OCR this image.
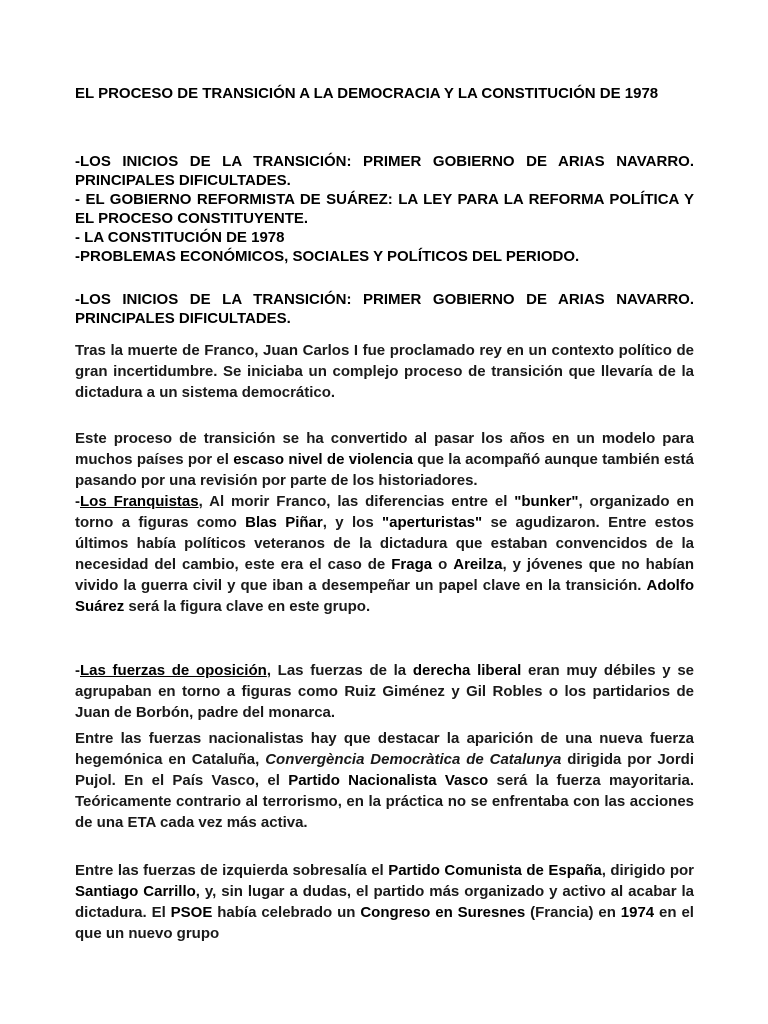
EL PROCESO DE TRANSICIÓN A LA DEMOCRACIA Y LA CONSTITUCIÓN DE 1978

-LOS INICIOS DE LA TRANSICIÓN: PRIMER GOBIERNO DE ARIAS NAVARRO. PRINCIPALES DIFICULTADES.

- EL GOBIERNO REFORMISTA DE SUÁREZ: LA LEY PARA LA REFORMA POLÍTICA Y EL PROCESO CONSTITUYENTE.

- LA CONSTITUCIÓN DE 1978

-PROBLEMAS ECONÓMICOS, SOCIALES Y POLÍTICOS DEL PERIODO.

-LOS INICIOS DE LA TRANSICIÓN: PRIMER GOBIERNO DE ARIAS NAVARRO. PRINCIPALES DIFICULTADES.

Tras la muerte de Franco, Juan Carlos I fue proclamado rey en un contexto político de gran incertidumbre. Se iniciaba un complejo proceso de transición que llevaría de la dictadura a un sistema democrático.

Este proceso de transición se ha convertido al pasar los años en un modelo para muchos países por el escaso nivel de violencia que la acompañó aunque también está pasando por una revisión por parte de los historiadores.

-Los Franquistas, Al morir Franco, las diferencias entre el "bunker", organizado en torno a figuras como Blas Piñar, y los "aperturistas" se agudizaron. Entre estos últimos había políticos veteranos de la dictadura que estaban convencidos de la necesidad del cambio, este era el caso de Fraga o Areilza, y jóvenes que no habían vivido la guerra civil y que iban a desempeñar un papel clave en la transición. Adolfo Suárez será la figura clave en este grupo.

-Las fuerzas de oposición, Las fuerzas de la derecha liberal eran muy débiles y se agrupaban en torno a figuras como Ruiz Giménez y Gil Robles o los partidarios de Juan de Borbón, padre del monarca.

Entre las fuerzas nacionalistas hay que destacar la aparición de una nueva fuerza hegemónica en Cataluña, Convergència Democràtica de Catalunya dirigida por Jordi Pujol. En el País Vasco, el Partido Nacionalista Vasco será la fuerza mayoritaria. Teóricamente contrario al terrorismo, en la práctica no se enfrentaba con las acciones de una ETA cada vez más activa.

Entre las fuerzas de izquierda sobresalía el Partido Comunista de España, dirigido por Santiago Carrillo, y, sin lugar a dudas, el partido más organizado y activo al acabar la dictadura. El PSOE había celebrado un Congreso en Suresnes (Francia) en 1974 en el que un nuevo grupo
